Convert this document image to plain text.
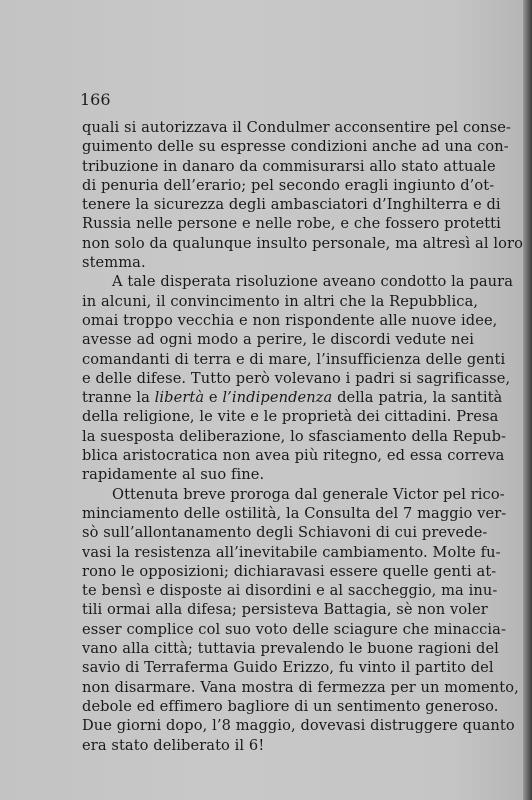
166
quali si autorizzava il Condulmer acconsentire pel conse-
guimento delle su espresse condizioni anche ad una con-
tribuzione in danaro da commisurarsi allo stato attuale
di penuria dell’erario; pel secondo eragli ingiunto d’ot-
tenere la sicurezza degli ambasciatori d’Inghilterra e di
Russia nelle persone e nelle robe, e che fossero protetti
non solo da qualunque insulto personale, ma altresì al loro
stemma.
A tale disperata risoluzione aveano condotto la paura
in alcuni, il convincimento in altri che la Repubblica,
omai troppo vecchia e non rispondente alle nuove idee,
avesse ad ogni modo a perire, le discordi vedute nei
comandanti di terra e di mare, l’insufficienza delle genti
e delle difese. Tutto però volevano i padri si sagrificasse,
tranne la libertà e l’indipendenza della patria, la santità
della religione, le vite e le proprietà dei cittadini. Presa
la suesposta deliberazione, lo sfasciamento della Repub-
blica aristocratica non avea più ritegno, ed essa correva
rapidamente al suo fine.
Ottenuta breve proroga dal generale Victor pel rico-
minciamento delle ostilità, la Consulta del 7 maggio ver-
sò sull’allontanamento degli Schiavoni di cui prevede-
vasi la resistenza all’inevitabile cambiamento. Molte fu-
rono le opposizioni; dichiaravasi essere quelle genti at-
te bensì e disposte ai disordini e al saccheggio, ma inu-
tili ormai alla difesa; persisteva Battagia, sè non voler
esser complice col suo voto delle sciagure che minaccia-
vano alla città; tuttavia prevalendo le buone ragioni del
savio di Terraferma Guido Erizzo, fu vinto il partito del
non disarmare. Vana mostra di fermezza per un momento,
debole ed effimero bagliore di un sentimento generoso.
Due giorni dopo, l’8 maggio, dovevasi distruggere quanto
era stato deliberato il 6!
